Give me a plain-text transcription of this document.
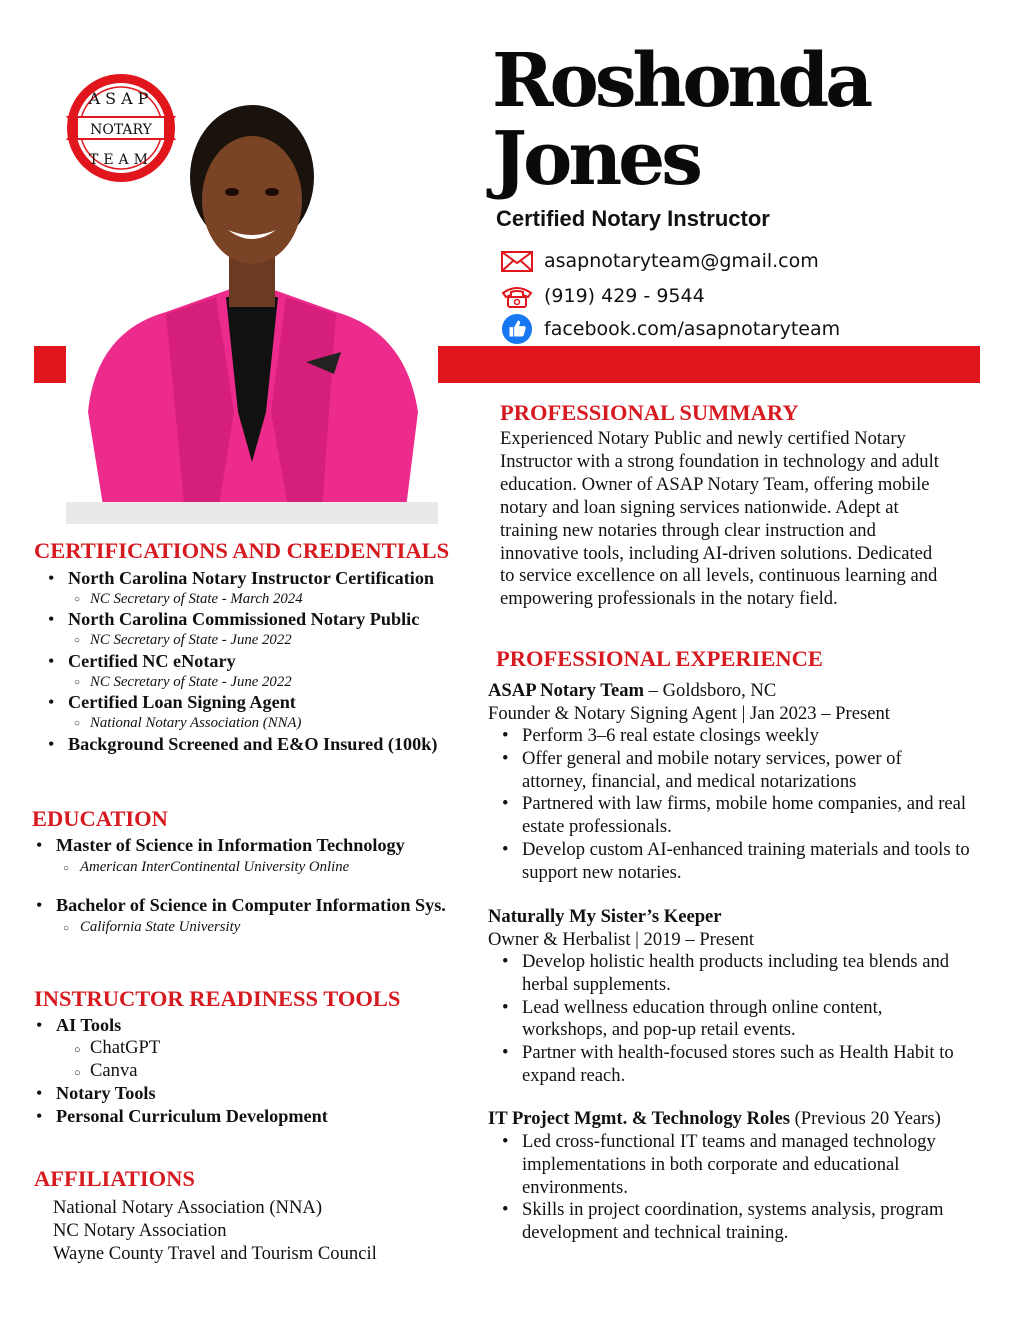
ASAP
NOTARY
TEAM
Roshonda
Jones
Certified Notary Instructor
asapnotaryteam@gmail.com
(919) 429 - 9544
facebook.com/asapnotaryteam
CERTIFICATIONS AND CREDENTIALS
• North Carolina Notary Instructor Certification
○ NC Secretary of State - March 2024
• North Carolina Commissioned Notary Public
○ NC Secretary of State - June 2022
• Certified NC eNotary
○ NC Secretary of State - June 2022
• Certified Loan Signing Agent
○ National Notary Association (NNA)
• Background Screened and E&O Insured (100k)
EDUCATION
• Master of Science in Information Technology
○ American InterContinental University Online
• Bachelor of Science in Computer Information Sys.
○ California State University
INSTRUCTOR READINESS TOOLS
• AI Tools
○ ChatGPT
○ Canva
• Notary Tools
• Personal Curriculum Development
AFFILIATIONS
National Notary Association (NNA)
NC Notary Association
Wayne County Travel and Tourism Council
PROFESSIONAL SUMMARY

Experienced Notary Public and newly certified Notary Instructor with a strong foundation in technology and adult education. Owner of ASAP Notary Team, offering mobile notary and loan signing services nationwide. Adept at training new notaries through clear instruction and innovative tools, including AI-driven solutions. Dedicated to service excellence on all levels, continuous learning and empowering professionals in the notary field.

PROFESSIONAL EXPERIENCE
ASAP Notary Team – Goldsboro, NC
Founder & Notary Signing Agent | Jan 2023 – Present
• Perform 3–6 real estate closings weekly
• Offer general and mobile notary services, power of attorney, financial, and medical notarizations
• Partnered with law firms, mobile home companies, and real estate professionals.
• Develop custom AI-enhanced training materials and tools to support new notaries.
Naturally My Sister’s Keeper
Owner & Herbalist | 2019 – Present
• Develop holistic health products including tea blends and herbal supplements.
• Lead wellness education through online content, workshops, and pop-up retail events.
• Partner with health-focused stores such as Health Habit to expand reach.
IT Project Mgmt. & Technology Roles (Previous 20 Years)
• Led cross-functional IT teams and managed technology implementations in both corporate and educational environments.
• Skills in project coordination, systems analysis, program development and technical training.
